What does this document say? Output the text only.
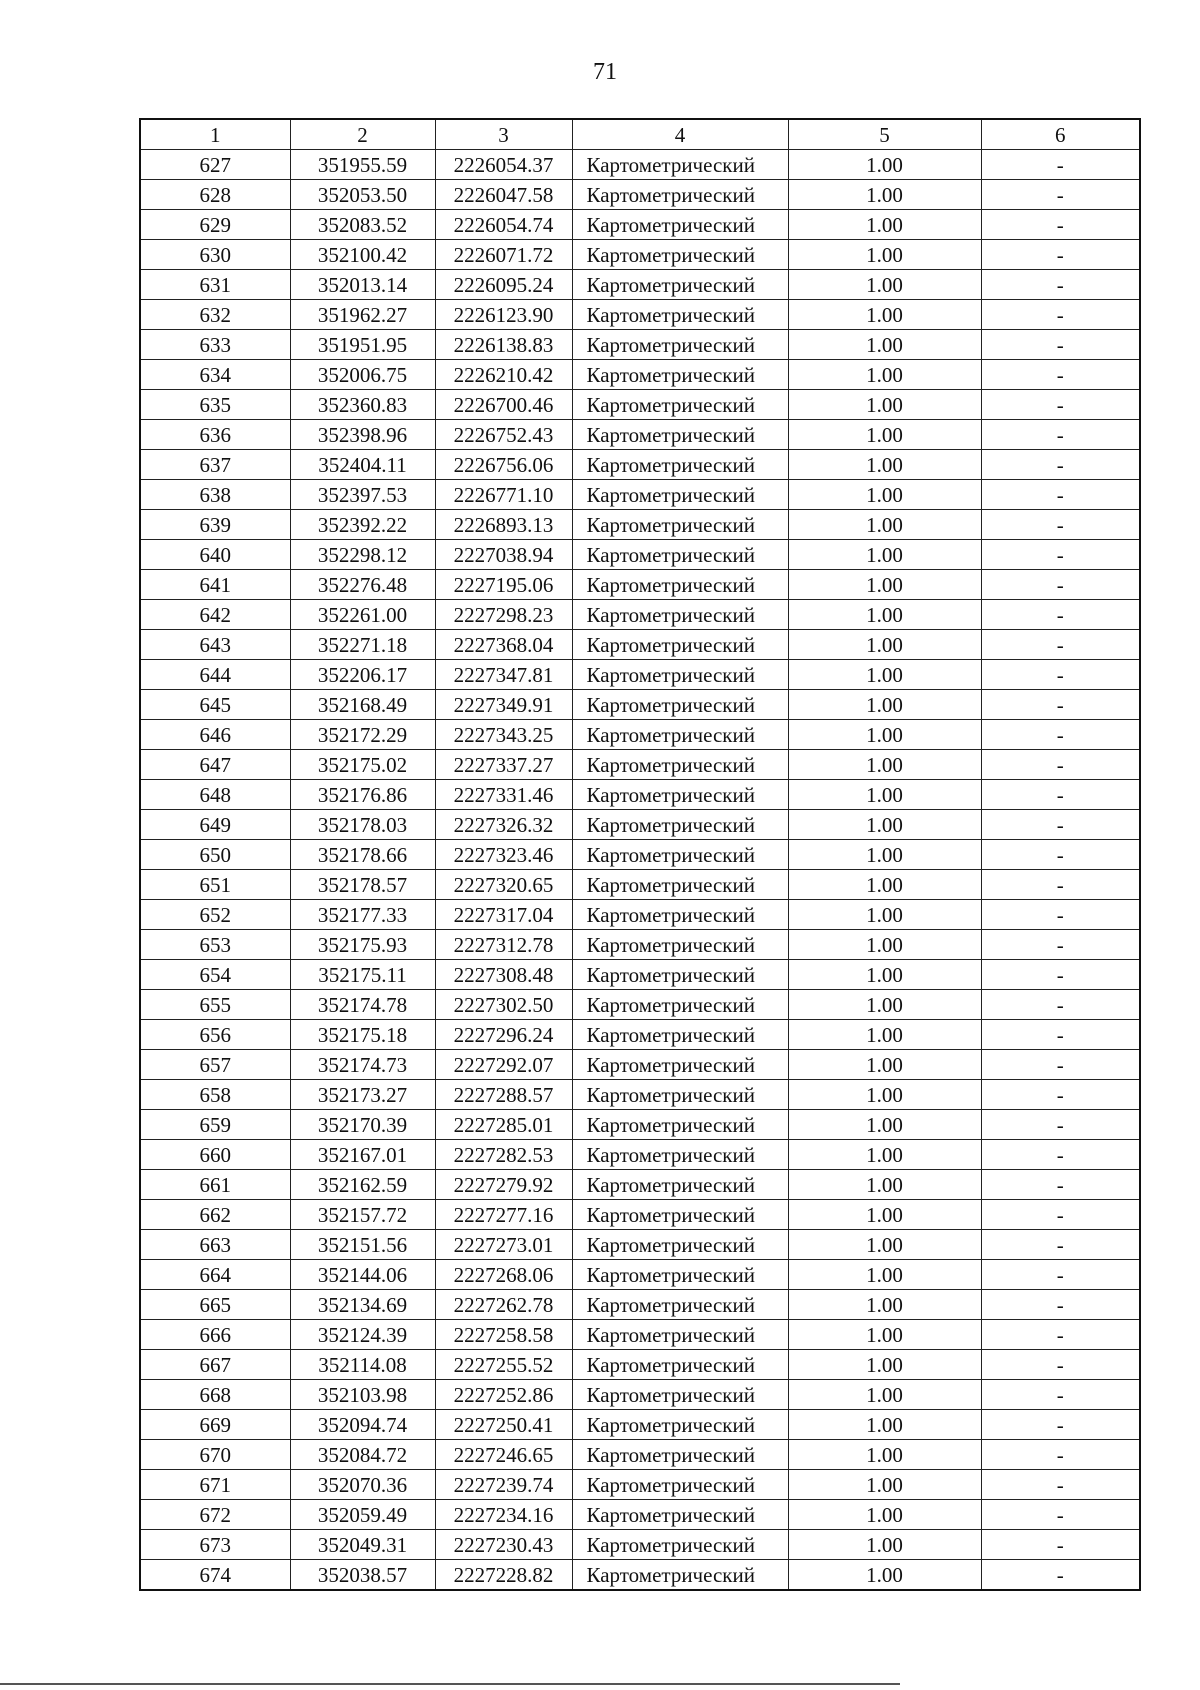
71
1	2	3	4	5	6
627	351955.59	2226054.37	Картометрический	1.00	-
628	352053.50	2226047.58	Картометрический	1.00	-
629	352083.52	2226054.74	Картометрический	1.00	-
630	352100.42	2226071.72	Картометрический	1.00	-
631	352013.14	2226095.24	Картометрический	1.00	-
632	351962.27	2226123.90	Картометрический	1.00	-
633	351951.95	2226138.83	Картометрический	1.00	-
634	352006.75	2226210.42	Картометрический	1.00	-
635	352360.83	2226700.46	Картометрический	1.00	-
636	352398.96	2226752.43	Картометрический	1.00	-
637	352404.11	2226756.06	Картометрический	1.00	-
638	352397.53	2226771.10	Картометрический	1.00	-
639	352392.22	2226893.13	Картометрический	1.00	-
640	352298.12	2227038.94	Картометрический	1.00	-
641	352276.48	2227195.06	Картометрический	1.00	-
642	352261.00	2227298.23	Картометрический	1.00	-
643	352271.18	2227368.04	Картометрический	1.00	-
644	352206.17	2227347.81	Картометрический	1.00	-
645	352168.49	2227349.91	Картометрический	1.00	-
646	352172.29	2227343.25	Картометрический	1.00	-
647	352175.02	2227337.27	Картометрический	1.00	-
648	352176.86	2227331.46	Картометрический	1.00	-
649	352178.03	2227326.32	Картометрический	1.00	-
650	352178.66	2227323.46	Картометрический	1.00	-
651	352178.57	2227320.65	Картометрический	1.00	-
652	352177.33	2227317.04	Картометрический	1.00	-
653	352175.93	2227312.78	Картометрический	1.00	-
654	352175.11	2227308.48	Картометрический	1.00	-
655	352174.78	2227302.50	Картометрический	1.00	-
656	352175.18	2227296.24	Картометрический	1.00	-
657	352174.73	2227292.07	Картометрический	1.00	-
658	352173.27	2227288.57	Картометрический	1.00	-
659	352170.39	2227285.01	Картометрический	1.00	-
660	352167.01	2227282.53	Картометрический	1.00	-
661	352162.59	2227279.92	Картометрический	1.00	-
662	352157.72	2227277.16	Картометрический	1.00	-
663	352151.56	2227273.01	Картометрический	1.00	-
664	352144.06	2227268.06	Картометрический	1.00	-
665	352134.69	2227262.78	Картометрический	1.00	-
666	352124.39	2227258.58	Картометрический	1.00	-
667	352114.08	2227255.52	Картометрический	1.00	-
668	352103.98	2227252.86	Картометрический	1.00	-
669	352094.74	2227250.41	Картометрический	1.00	-
670	352084.72	2227246.65	Картометрический	1.00	-
671	352070.36	2227239.74	Картометрический	1.00	-
672	352059.49	2227234.16	Картометрический	1.00	-
673	352049.31	2227230.43	Картометрический	1.00	-
674	352038.57	2227228.82	Картометрический	1.00	-
